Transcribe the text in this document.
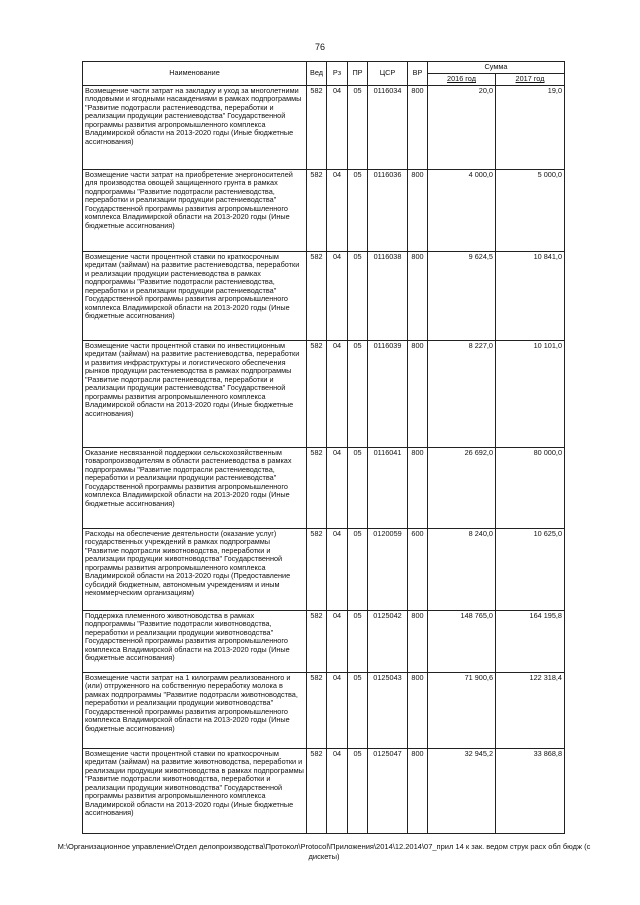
76
Наименование	Вед	Рз	ПР	ЦСР	ВР	Сумма	
						2016 год	2017 год
Возмещение части затрат на закладку и уход за многолетними плодовыми и ягодными насаждениями в рамках подпрограммы "Развитие подотрасли растениеводства, переработки и реализации продукции растениеводства" Государственной программы развития агропромышленного комплекса Владимирской области на 2013-2020 годы (Иные бюджетные ассигнования)	582	04	05	0116034	800	20,0	19,0
Возмещение части затрат на приобретение энергоносителей для производства овощей защищенного грунта в рамках подпрограммы "Развитие подотрасли растениеводства, переработки и реализации продукции растениеводства" Государственной программы развития агропромышленного комплекса Владимирской области на 2013-2020 годы (Иные бюджетные ассигнования)	582	04	05	0116036	800	4 000,0	5 000,0
Возмещение части процентной ставки по краткосрочным кредитам (займам) на развитие растениеводства, переработки и реализации продукции растениеводства в рамках подпрограммы "Развитие подотрасли растениеводства, переработки и реализации продукции растениеводства" Государственной программы развития агропромышленного комплекса Владимирской области на 2013-2020 годы (Иные бюджетные ассигнования)	582	04	05	0116038	800	9 624,5	10 841,0
Возмещение части процентной ставки по инвестиционным кредитам (займам) на развитие растениеводства, переработки и развития инфраструктуры и логистического обеспечения рынков продукции растениеводства в рамках подпрограммы "Развитие подотрасли растениеводства, переработки и реализации продукции растениеводства" Государственной программы развития агропромышленного комплекса Владимирской области на 2013-2020 годы (Иные бюджетные ассигнования)	582	04	05	0116039	800	8 227,0	10 101,0
Оказание несвязанной поддержки сельскохозяйственным товаропроизводителям в области растениеводства в рамках подпрограммы "Развитие подотрасли растениеводства, переработки и реализации продукции растениеводства" Государственной программы развития агропромышленного комплекса Владимирской области на 2013-2020 годы (Иные бюджетные ассигнования)	582	04	05	0116041	800	26 692,0	80 000,0
Расходы на обеспечение деятельности (оказание услуг) государственных учреждений в рамках подпрограммы "Развитие подотрасли животноводства, переработки и реализации продукции животноводства" Государственной программы развития агропромышленного комплекса Владимирской области на 2013-2020 годы (Предоставление субсидий бюджетным, автономным учреждениям и иным некоммерческим организациям)	582	04	05	0120059	600	8 240,0	10 625,0
Поддержка племенного животноводства в рамках подпрограммы "Развитие подотрасли животноводства, переработки и реализации продукции животноводства" Государственной программы развития агропромышленного комплекса Владимирской области на 2013-2020 годы (Иные бюджетные ассигнования)	582	04	05	0125042	800	148 765,0	164 195,8
Возмещение части затрат на 1 килограмм реализованного и (или) отгруженного на собственную переработку молока в рамках подпрограммы "Развитие подотрасли животноводства, переработки и реализации продукции животноводства" Государственной программы развития агропромышленного комплекса Владимирской области на 2013-2020 годы (Иные бюджетные ассигнования)	582	04	05	0125043	800	71 900,6	122 318,4
Возмещение части процентной ставки по краткосрочным кредитам (займам) на развитие животноводства, переработки и реализации продукции животноводства в рамках подпрограммы "Развитие подотрасли животноводства, переработки и реализации продукции животноводства" Государственной программы развития агропромышленного комплекса Владимирской области на 2013-2020 годы (Иные бюджетные ассигнования)	582	04	05	0125047	800	32 945,2	33 868,8
М:\Организационное управление\Отдел делопроизводства\Протокол\Protocol\Приложения\2014\12.2014\07_прил 14 к зак. ведом струк расх обл бюдж (с дискеты)
